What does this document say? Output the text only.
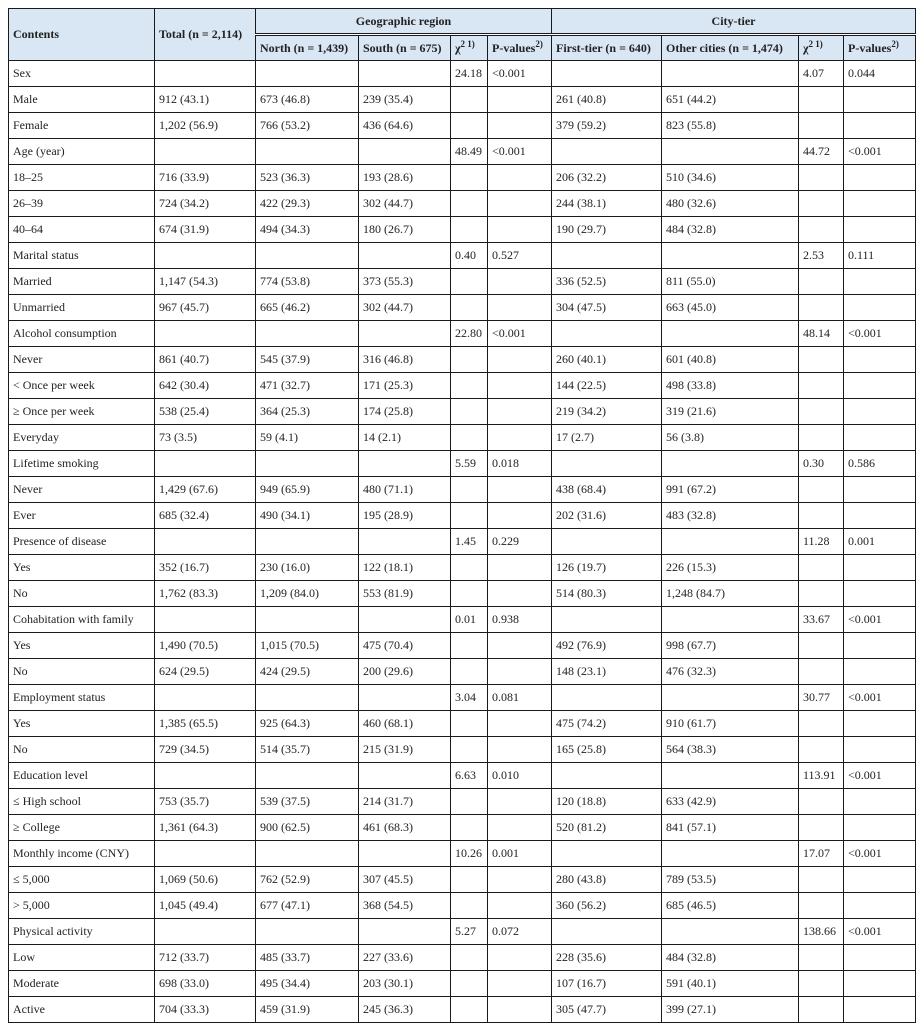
Contents	Total (n = 2,114)	Geographic region				City-tier			
		North (n = 1,439)	South (n = 675)	$\chi^{2 1)}$	P-values$^{2)}$	First-tier (n = 640)	Other cities (n = 1,474)	$\chi^{2 1)}$	P-values$^{2)}$
Sex				24.18	<0.001			4.07	0.044
Male	912 (43.1)	673 (46.8)	239 (35.4)			261 (40.8)	651 (44.2)		
Female	1,202 (56.9)	766 (53.2)	436 (64.6)			379 (59.2)	823 (55.8)		
Age (year)				48.49	<0.001			44.72	<0.001
18–25	716 (33.9)	523 (36.3)	193 (28.6)			206 (32.2)	510 (34.6)		
26–39	724 (34.2)	422 (29.3)	302 (44.7)			244 (38.1)	480 (32.6)		
40–64	674 (31.9)	494 (34.3)	180 (26.7)			190 (29.7)	484 (32.8)		
Marital status				0.40	0.527			2.53	0.111
Married	1,147 (54.3)	774 (53.8)	373 (55.3)			336 (52.5)	811 (55.0)		
Unmarried	967 (45.7)	665 (46.2)	302 (44.7)			304 (47.5)	663 (45.0)		
Alcohol consumption				22.80	<0.001			48.14	<0.001
Never	861 (40.7)	545 (37.9)	316 (46.8)			260 (40.1)	601 (40.8)		
< Once per week	642 (30.4)	471 (32.7)	171 (25.3)			144 (22.5)	498 (33.8)		
≥ Once per week	538 (25.4)	364 (25.3)	174 (25.8)			219 (34.2)	319 (21.6)		
Everyday	73 (3.5)	59 (4.1)	14 (2.1)			17 (2.7)	56 (3.8)		
Lifetime smoking				5.59	0.018			0.30	0.586
Never	1,429 (67.6)	949 (65.9)	480 (71.1)			438 (68.4)	991 (67.2)		
Ever	685 (32.4)	490 (34.1)	195 (28.9)			202 (31.6)	483 (32.8)		
Presence of disease				1.45	0.229			11.28	0.001
Yes	352 (16.7)	230 (16.0)	122 (18.1)			126 (19.7)	226 (15.3)		
No	1,762 (83.3)	1,209 (84.0)	553 (81.9)			514 (80.3)	1,248 (84.7)		
Cohabitation with family				0.01	0.938			33.67	<0.001
Yes	1,490 (70.5)	1,015 (70.5)	475 (70.4)			492 (76.9)	998 (67.7)		
No	624 (29.5)	424 (29.5)	200 (29.6)			148 (23.1)	476 (32.3)		
Employment status				3.04	0.081			30.77	<0.001
Yes	1,385 (65.5)	925 (64.3)	460 (68.1)			475 (74.2)	910 (61.7)		
No	729 (34.5)	514 (35.7)	215 (31.9)			165 (25.8)	564 (38.3)		
Education level				6.63	0.010			113.91	<0.001
≤ High school	753 (35.7)	539 (37.5)	214 (31.7)			120 (18.8)	633 (42.9)		
≥ College	1,361 (64.3)	900 (62.5)	461 (68.3)			520 (81.2)	841 (57.1)		
Monthly income (CNY)				10.26	0.001			17.07	<0.001
≤ 5,000	1,069 (50.6)	762 (52.9)	307 (45.5)			280 (43.8)	789 (53.5)		
> 5,000	1,045 (49.4)	677 (47.1)	368 (54.5)			360 (56.2)	685 (46.5)		
Physical activity				5.27	0.072			138.66	<0.001
Low	712 (33.7)	485 (33.7)	227 (33.6)			228 (35.6)	484 (32.8)		
Moderate	698 (33.0)	495 (34.4)	203 (30.1)			107 (16.7)	591 (40.1)		
Active	704 (33.3)	459 (31.9)	245 (36.3)			305 (47.7)	399 (27.1)		
